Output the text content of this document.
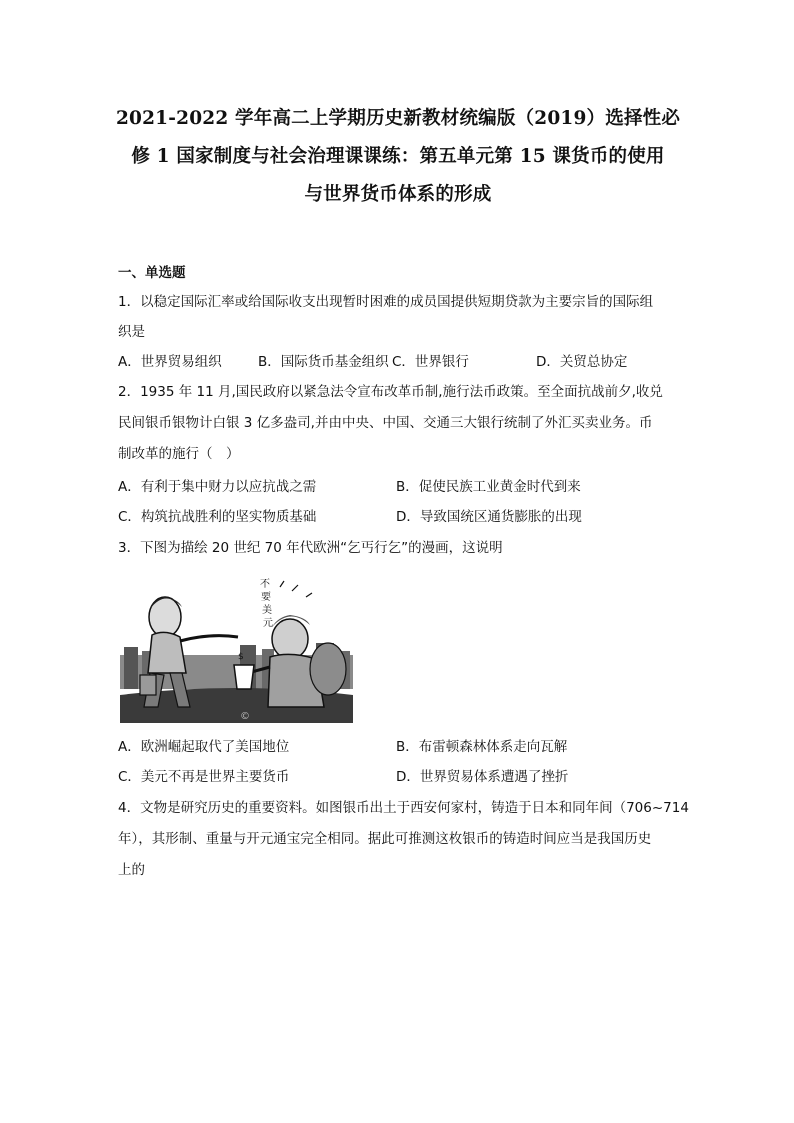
2021-2022 学年高二上学期历史新教材统编版（2019）选择性必
修 1 国家制度与社会治理课课练：第五单元第 15 课货币的使用
与世界货币体系的形成
一、单选题
1．以稳定国际汇率或给国际收支出现暂时困难的成员国提供短期贷款为主要宗旨的国际组
织是
A．世界贸易组织	B．国际货币基金组织 C．世界银行	D．关贸总协定
2．1935 年 11 月,国民政府以紧急法令宣布改革币制,施行法币政策。至全面抗战前夕,收兑
民间银币银物计白银 3 亿多盎司,并由中央、中国、交通三大银行统制了外汇买卖业务。币
制改革的施行（　）
A．有利于集中财力以应抗战之需	B．促使民族工业黄金时代到来
C．构筑抗战胜利的坚实物质基础	D．导致国统区通货膨胀的出现
3．下图为描绘 20 世纪 70 年代欧洲“乞丐行乞”的漫画，这说明
$
不 要 美 元
©
A．欧洲崛起取代了美国地位	B．布雷顿森林体系走向瓦解
C．美元不再是世界主要货币	D．世界贸易体系遭遇了挫折
4．文物是研究历史的重要资料。如图银币出土于西安何家村，铸造于日本和同年间（706~714
年），其形制、重量与开元通宝完全相同。据此可推测这枚银币的铸造时间应当是我国历史
上的
